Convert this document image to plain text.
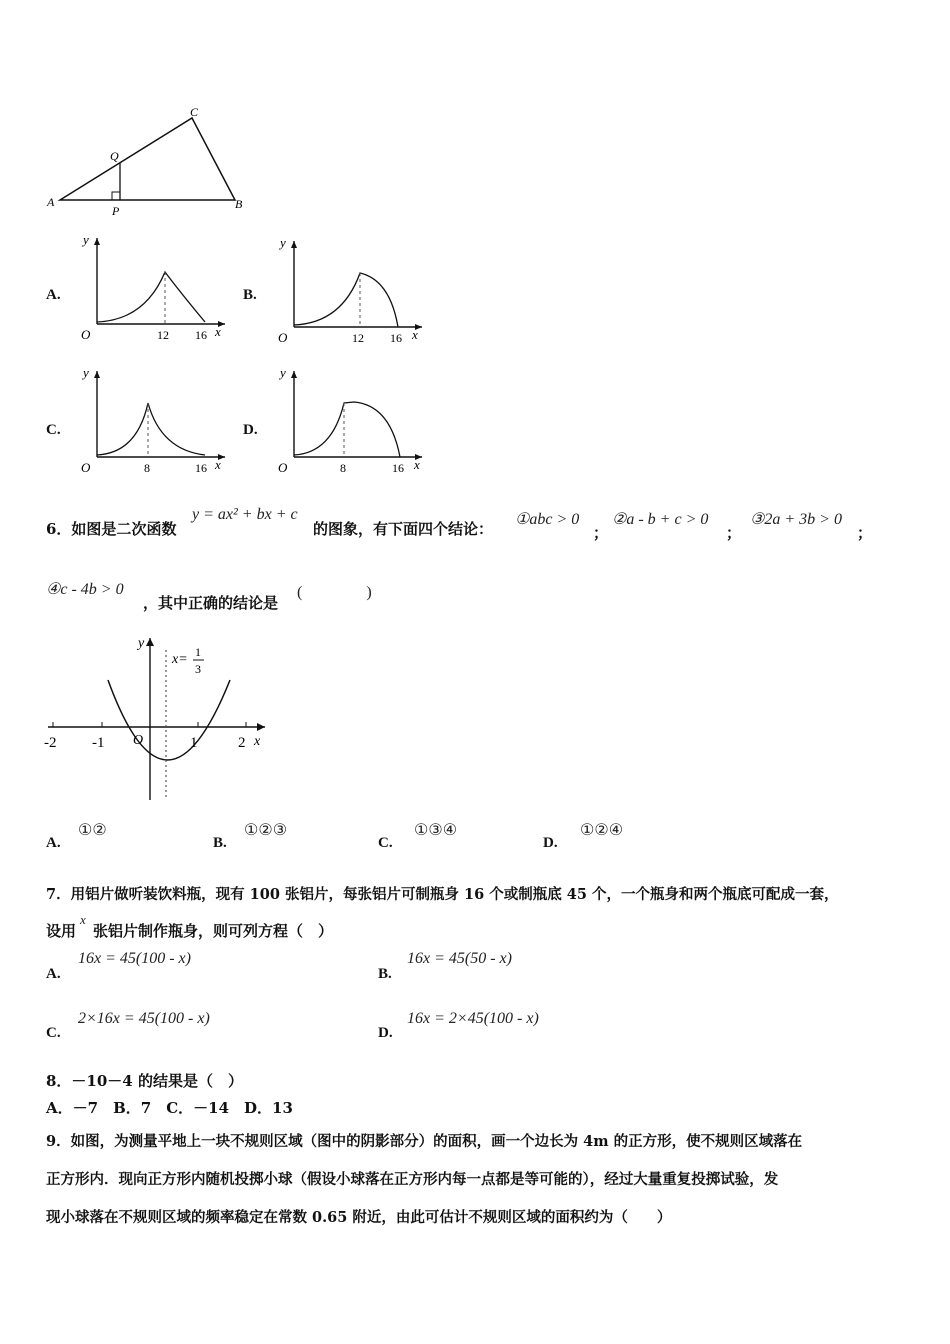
A	B
C
P
Q
A.
y
x
O	12 16
B.
y
x
O	12 16
C.
y
x
O	8	16
D.
y
x
O	8	16
6．如图是二次函数
y = ax² + bx + c
的图象，有下面四个结论：
①abc > 0
；
②a - b + c > 0
；
③2a + 3b > 0
；
④c - 4b > 0
，其中正确的结论是
(　　　　)
y
x
O
x= 1
3
-2 -1	1	2
A.
①②
B.
①②③
C.
①③④
D.
①②④
7．用铝片做听装饮料瓶，现有 100 张铝片，每张铝片可制瓶身 16 个或制瓶底 45 个，一个瓶身和两个瓶底可配成一套，
设用
x
张铝片制作瓶身，则可列方程（　）
A.
16x = 45(100 - x)
B.
16x = 45(50 - x)
C.
2×16x = 45(100 - x)
D.
16x = 2×45(100 - x)
8．－10－4 的结果是（　）
A．－7　B．7　C．－14　D．13
9．如图，为测量平地上一块不规则区域（图中的阴影部分）的面积，画一个边长为 4m 的正方形，使不规则区域落在
正方形内．现向正方形内随机投掷小球（假设小球落在正方形内每一点都是等可能的），经过大量重复投掷试验，发
现小球落在不规则区域的频率稳定在常数 0.65 附近，由此可估计不规则区域的面积约为（　　）
